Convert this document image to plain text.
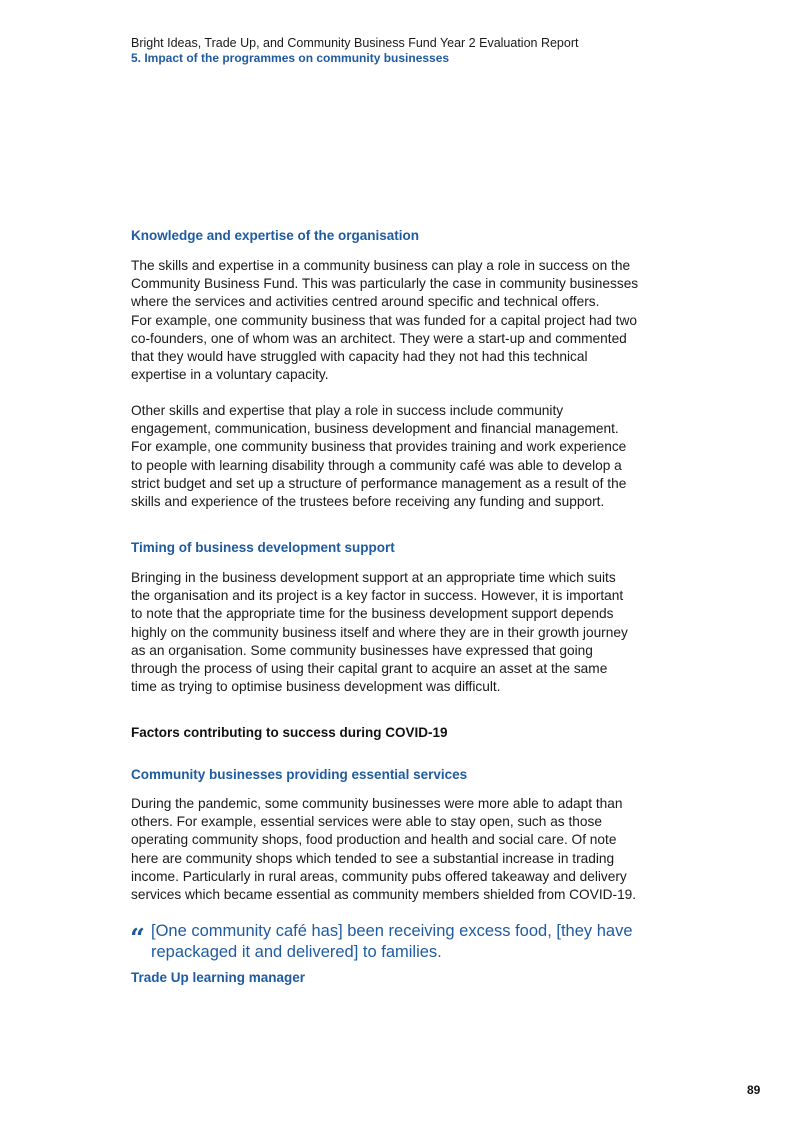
Bright Ideas, Trade Up, and Community Business Fund Year 2 Evaluation Report
5. Impact of the programmes on community businesses
Knowledge and expertise of the organisation
The skills and expertise in a community business can play a role in success on the
Community Business Fund. This was particularly the case in community businesses
where the services and activities centred around specific and technical offers.
For example, one community business that was funded for a capital project had two
co-founders, one of whom was an architect. They were a start-up and commented
that they would have struggled with capacity had they not had this technical
expertise in a voluntary capacity.
Other skills and expertise that play a role in success include community
engagement, communication, business development and financial management.
For example, one community business that provides training and work experience
to people with learning disability through a community café was able to develop a
strict budget and set up a structure of performance management as a result of the
skills and experience of the trustees before receiving any funding and support.
Timing of business development support
Bringing in the business development support at an appropriate time which suits
the organisation and its project is a key factor in success. However, it is important
to note that the appropriate time for the business development support depends
highly on the community business itself and where they are in their growth journey
as an organisation. Some community businesses have expressed that going
through the process of using their capital grant to acquire an asset at the same
time as trying to optimise business development was difficult.
Factors contributing to success during COVID-19
Community businesses providing essential services
During the pandemic, some community businesses were more able to adapt than
others. For example, essential services were able to stay open, such as those
operating community shops, food production and health and social care. Of note
here are community shops which tended to see a substantial increase in trading
income. Particularly in rural areas, community pubs offered takeaway and delivery
services which became essential as community members shielded from COVID-19.
“ [One community café has] been receiving excess food, [they have
repackaged it and delivered] to families.
Trade Up learning manager
89
